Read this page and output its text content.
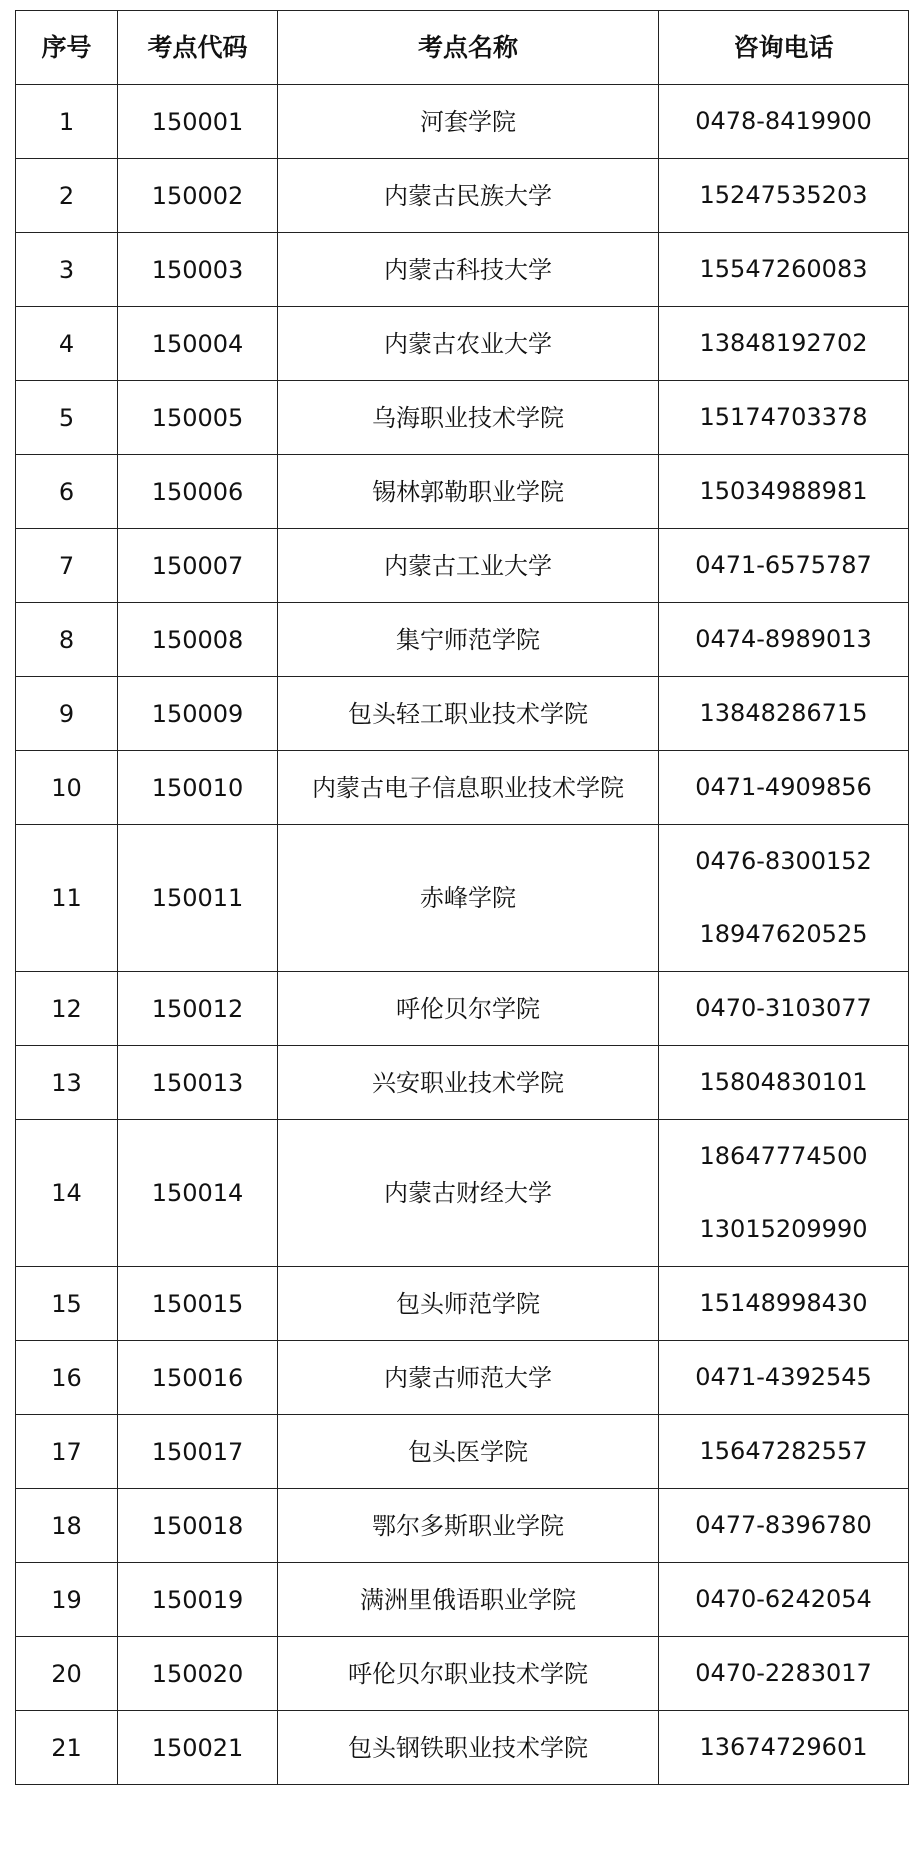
序号	考点代码	考点名称	咨询电话
1	150001	河套学院	0478-8419900

2	150002	内蒙古民族大学	15247535203

3	150003	内蒙古科技大学	15547260083

4	150004	内蒙古农业大学	13848192702

5	150005	乌海职业技术学院	15174703378

6	150006	锡林郭勒职业学院	15034988981

7	150007	内蒙古工业大学	0471-6575787

8	150008	集宁师范学院	0474-8989013

9	150009	包头轻工职业技术学院	13848286715

10	150010	内蒙古电子信息职业技术学院	0471-4909856

11	150011	赤峰学院	0476-8300152
18947620525

12	150012	呼伦贝尔学院	0470-3103077

13	150013	兴安职业技术学院	15804830101

14	150014	内蒙古财经大学	18647774500
13015209990

15	150015	包头师范学院	15148998430

16	150016	内蒙古师范大学	0471-4392545

17	150017	包头医学院	15647282557

18	150018	鄂尔多斯职业学院	0477-8396780

19	150019	满洲里俄语职业学院	0470-6242054

20	150020	呼伦贝尔职业技术学院	0470-2283017

21	150021	包头钢铁职业技术学院	13674729601
